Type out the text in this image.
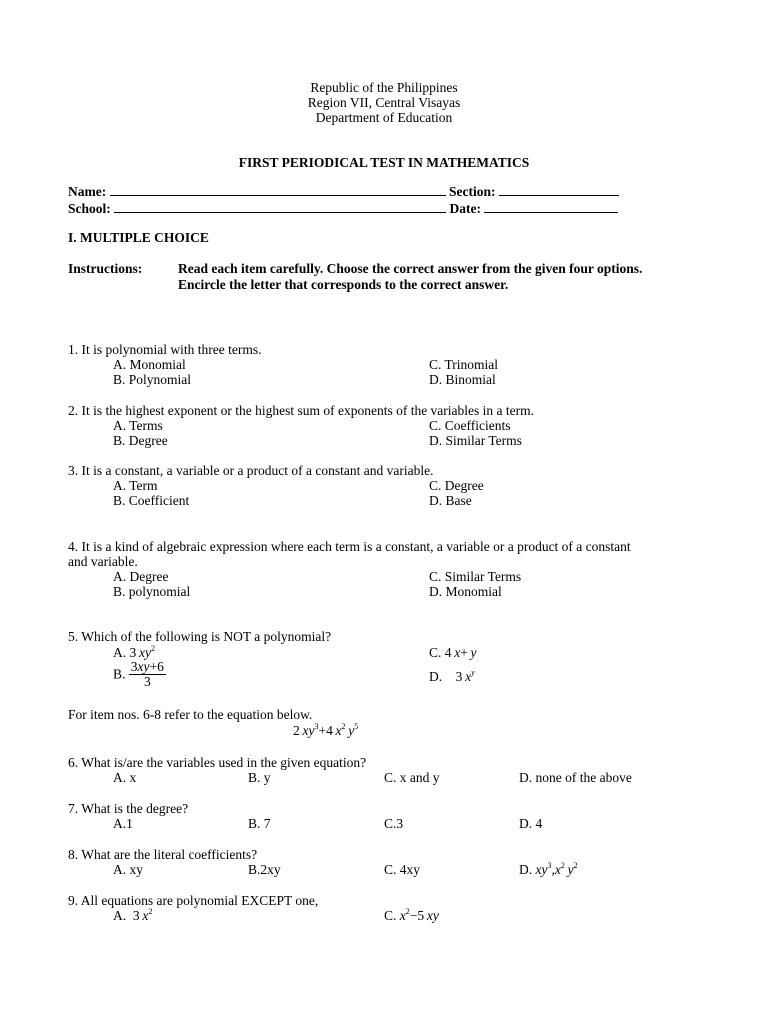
Republic of the Philippines
Region VII, Central Visayas
Department of Education
FIRST PERIODICAL TEST IN MATHEMATICS
Name:	Section:
School:	Date:
I. MULTIPLE CHOICE
Instructions:	Read each item carefully. Choose the correct answer from the given four options.
Encircle the letter that corresponds to the correct answer.
1. It is polynomial with three terms.
A. Monomial	C. Trinomial
B. Polynomial	D. Binomial
2. It is the highest exponent or the highest sum of exponents of the variables in a term.
A. Terms	C. Coefficients
B. Degree	D. Similar Terms
3. It is a constant, a variable or a product of a constant and variable.
A. Term	C. Degree
B. Coefficient	D. Base
4. It is a kind of algebraic expression where each term is a constant, a variable or a product of a constant
and variable.
A. Degree	C. Similar Terms
B. polynomial	D. Monomial
5. Which of the following is NOT a polynomial?
A. 3  $xy^2$	C. 4  x+  y
B. $\frac{3xy+6}{3}$	D.  3  $x^y$
For item nos. 6-8 refer to the equation below.
2  $xy^3+4$  $x^2$  $y^5$
6. What is/are the variables used in the given equation?
A. x	B. y	C. x and y	D. none of the above
7. What is the degree?
A.1	B. 7	C.3	D. 4
8. What are the literal coefficients?
A. xy	B.2xy	C. 4xy	D. $xy^3,x^2$  $y^2$
9. All equations are polynomial EXCEPT one,
A.  3  $x^2$	C. $x^2-5$  xy
